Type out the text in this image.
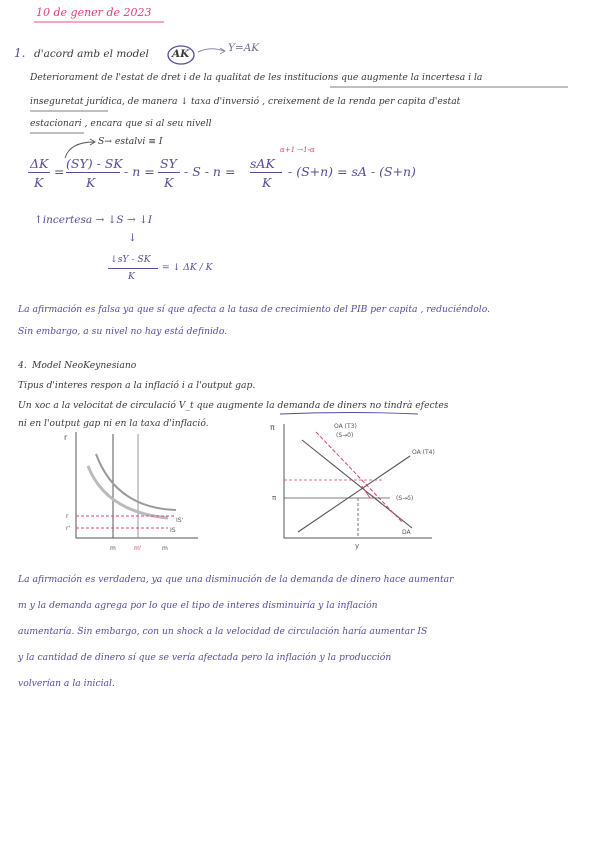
10 de gener de 2023
1. d'acord amb el model AK	Y=AK
Deteriorament de l'estat de dret i de la qualitat de les institucions que augmente la incertesa i la
inseguretat jurídica, de manera ↓ taxa d'inversió , creixement de la renda per capita d'estat
estacionari , encara que si al seu nivell
S→ estalvi ≡ I
ΔK
K
=
(SY) - SK
K
- n =
SY
K
- S - n =
sAK
α+1 →1-α
K
- (S+n) = sA - (S+n)
↑incertesa → ↓S → ↓I
↓
↓sY - SK
K
= ↓ ΔK / K
La afirmación es falsa ya que sí que afecta a la tasa de crecimiento del PIB per capita , reduciéndolo.
Sin embargo, a su nivel no hay está definido.
4. Model NeoKeynesiano
Tipus d'interes respon a la inflació i a l'output gap.
Un xoc a la velocitat de circulació V_t que augmente la demanda de diners no tindrà efectes
ni en l'output gap ni en la taxa d'inflació.
r
r
r'
m	m'	m
IS'
IS
π	OA (T3)
(S→0)
OA (T4)
(S→δ)
DA
π
y
La afirmación es verdadera, ya que una disminución de la demanda de dinero hace aumentar
m y la demanda agrega por lo que el tipo de interes disminuiría y la inflación
aumentaría. Sin embargo, con un shock a la velocidad de circulación haría aumentar IS
y la cantidad de dinero sí que se vería afectada pero la inflación y la producción
volverían a la inicial.
